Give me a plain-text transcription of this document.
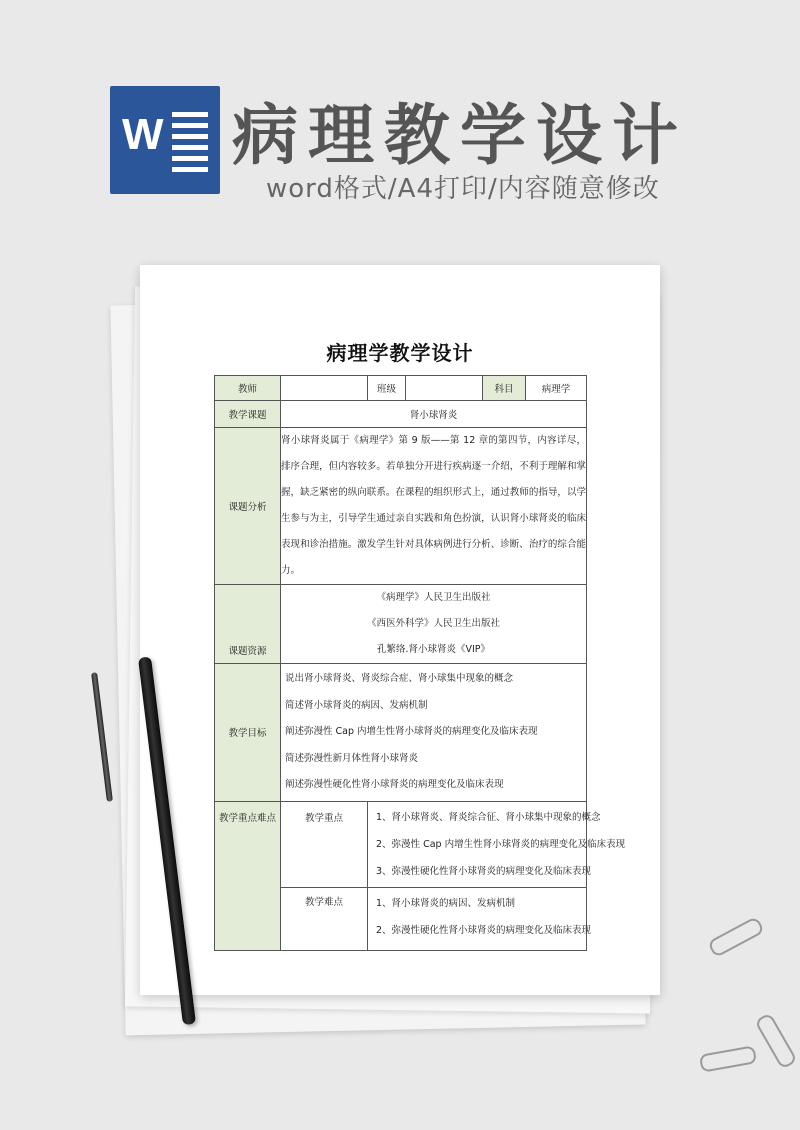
W 病理教学设计
word格式/A4打印/内容随意修改
病理学教学设计
教师		班级		科目	病理学
教学课题	肾小球肾炎				
课题分析	肾小球肾炎属于《病理学》第 9 版——第 12 章的第四节，内容详尽，排序合理，但内容较多。若单独分开进行疾病逐一介绍，不利于理解和掌握，缺乏紧密的纵向联系。在课程的组织形式上，通过教师的指导，以学生参与为主，引导学生通过亲自实践和角色扮演，认识肾小球肾炎的临床表现和诊治措施。激发学生针对具体病例进行分析、诊断、治疗的综合能力。				
课题资源	《病理学》人民卫生出版社
《西医外科学》人民卫生出版社
孔繁络.肾小球肾炎《VIP》				

教学目标	说出肾小球肾炎、肾炎综合症、肾小球集中现象的概念
简述肾小球肾炎的病因、发病机制
阐述弥漫性 Cap 内增生性肾小球肾炎的病理变化及临床表现
简述弥漫性新月体性肾小球肾炎
阐述弥漫性硬化性肾小球肾炎的病理变化及临床表现				

教学重点难点	教学重点	1、肾小球肾炎、肾炎综合征、肾小球集中现象的概念
2、弥漫性 Cap 内增生性肾小球肾炎的病理变化及临床表现
3、弥漫性硬化性肾小球肾炎的病理变化及临床表现			

	教学难点	1、肾小球肾炎的病因、发病机制
2、弥漫性硬化性肾小球肾炎的病理变化及临床表现			
